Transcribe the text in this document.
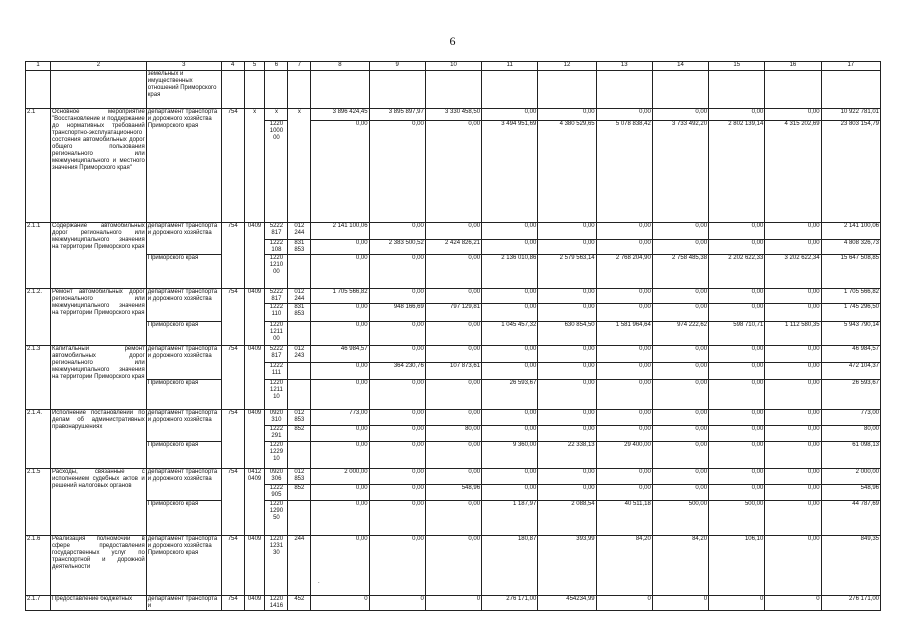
6
1	2	3	4	5	6	7	8	9	10	11	12	13	14	15	16	17
		земельных и имущественных отношений Приморского края														
2.1	Основное мероприятие "Восстановление и поддержание до нормативных требований транспортно-эксплуатационного состояния автомобильных дорог общего пользования регионального или межмуниципального и местного значения Приморского края"	департамент транспорта и дорожного хозяйства Приморского края	754	x	x	x	3 896 424,45	3 895 897,97	3 330 458,50	0,00	0,00	0,00	0,00	0,00	0,00	10 922 781,01
					1220 1000 00		0,00	0,00	0,00	3 494 951,69	4 380 529,65	5 078 838,42	3 733 492,20	2 802 139,14	4 315 202,69	23 803 154,79
2.1.1	Содержание автомобильных дорог регионального или межмуниципального значения на территории Приморского края	департамент транспорта и дорожного хозяйства	754	0409	5222 817	012 244	2 141 100,06	0,00	0,00	0,00	0,00	0,00	0,00	0,00	0,00	2 141 100,06
					1222 108	831 853	0,00	2 383 500,52	2 424 826,21	0,00	0,00	0,00	0,00	0,00	0,00	4 808 326,73
		Приморского края			1220 1210 00		0,00	0,00	0,00	2 136 010,86	2 579 563,14	2 768 204,90	2 758 485,38	2 202 622,33	3 202 622,34	15 647 508,85
2.1.2.	Ремонт автомобильных дорог регионального или межмуниципального значения на территории Приморского края	департамент транспорта и дорожного хозяйства	754	0409	5222 817	012 244	1 705 566,82	0,00	0,00	0,00	0,00	0,00	0,00	0,00	0,00	1 705 566,82
					1222 110	831 853	0,00	948 166,69	797 129,81	0,00	0,00	0,00	0,00	0,00	0,00	1 745 296,50
		Приморского края			1220 1211 00		0,00	0,00	0,00	1 045 457,32	630 854,50	1 581 964,64	974 222,62	598 710,71	1 112 580,35	5 943 790,14
2.1.3	Капитальный ремонт автомобильных дорог регионального или межмуниципального значения на территории Приморского края	департамент транспорта и дорожного хозяйства	754	0409	5222 817	012 243	46 984,57	0,00	0,00	0,00	0,00	0,00	0,00	0,00	0,00	46 984,57
					1222 111		0,00	364 230,76	107 873,61	0,00	0,00	0,00	0,00	0,00	0,00	472 104,37
		Приморского края			1220 1211 10		0,00	0,00	0,00	26 593,67	0,00	0,00	0,00	0,00	0,00	26 593,67
2.1.4.	Исполнение постановлений по делам об административных правонарушениях	департамент транспорта и дорожного хозяйства	754	0409	0920 310	012 853	773,00	0,00	0,00	0,00	0,00	0,00	0,00	0,00	0,00	773,00
					1222 291	852	0,00	0,00	80,00	0,00	0,00	0,00	0,00	0,00	0,00	80,00
		Приморского края			1220 1229 10		0,00	0,00	0,00	9 360,00	22 338,13	29 400,00	0,00	0,00	0,00	61 098,13
2.1.5	Расходы, связанные с исполнением судебных актов и решений налоговых органов	департамент транспорта и дорожного хозяйства	754	0412 0409	0920 306	012 853	2 000,00	0,00	0,00	0,00	0,00	0,00	0,00	0,00	0,00	2 000,00
					1222 905	852	0,00	0,00	548,96	0,00	0,00	0,00	0,00	0,00	0,00	548,96
		Приморского края			1220 1290 50		0,00	0,00	0,00	1 187,97	2 088,54	40 511,18	500,00	500,00	0,00	44 787,69
2.1.6	Реализация полномочий в сфере предоставления государственных услуг по транспортной и дорожной деятельности	департамент транспорта и дорожного хозяйства Приморского края	754	0409	1220 1231 30	244	0,00	0,00	0,00	180,87	393,99	84,20	84,20	106,10	0,00	849,35
2.1.7	Предоставление бюджетных	департамент транспорта и	754	0409	1220 1416	452	0	0	0	276 171,00	454234,99	0	0	0	0	276 171,00
.
